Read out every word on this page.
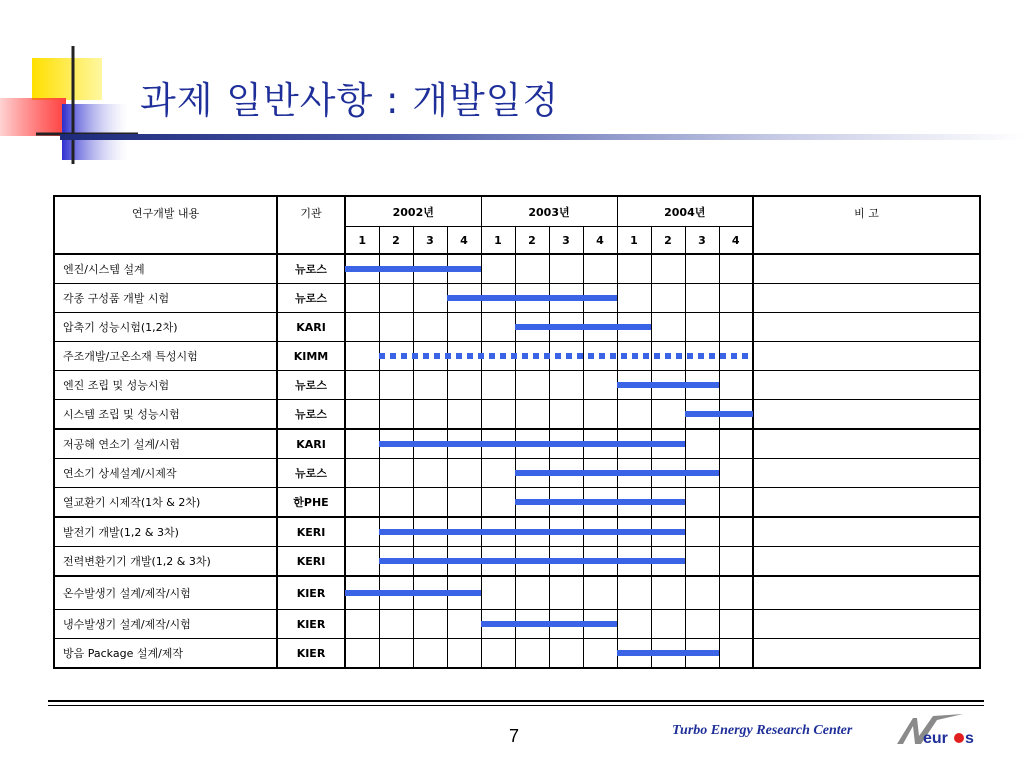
과제 일반사항 : 개발일정
연구개발 내용	기관	2002년				2003년				2004년				비 고
		1	2	3	4	1	2	3	4	1	2	3	4	
엔진/시스템 설계	뉴로스													
각종 구성품 개발 시험	뉴로스													
압축기 성능시험(1,2차)	KARI													
주조개발/고온소재 특성시험	KIMM													
엔진 조립 및 성능시험	뉴로스													
시스템 조립 및 성능시험	뉴로스													
저공해 연소기 설계/시험	KARI													
연소기 상세설계/시제작	뉴로스													
열교환기 시제작(1차 & 2차)	한PHE													
발전기 개발(1,2 & 3차)	KERI													
전력변환기기 개발(1,2 & 3차)	KERI													
온수발생기 설계/제작/시험	KIER													
냉수발생기 설계/제작/시험	KIER													
방음 Package 설계/제작	KIER													
7	Turbo Energy Research Center	eur s
